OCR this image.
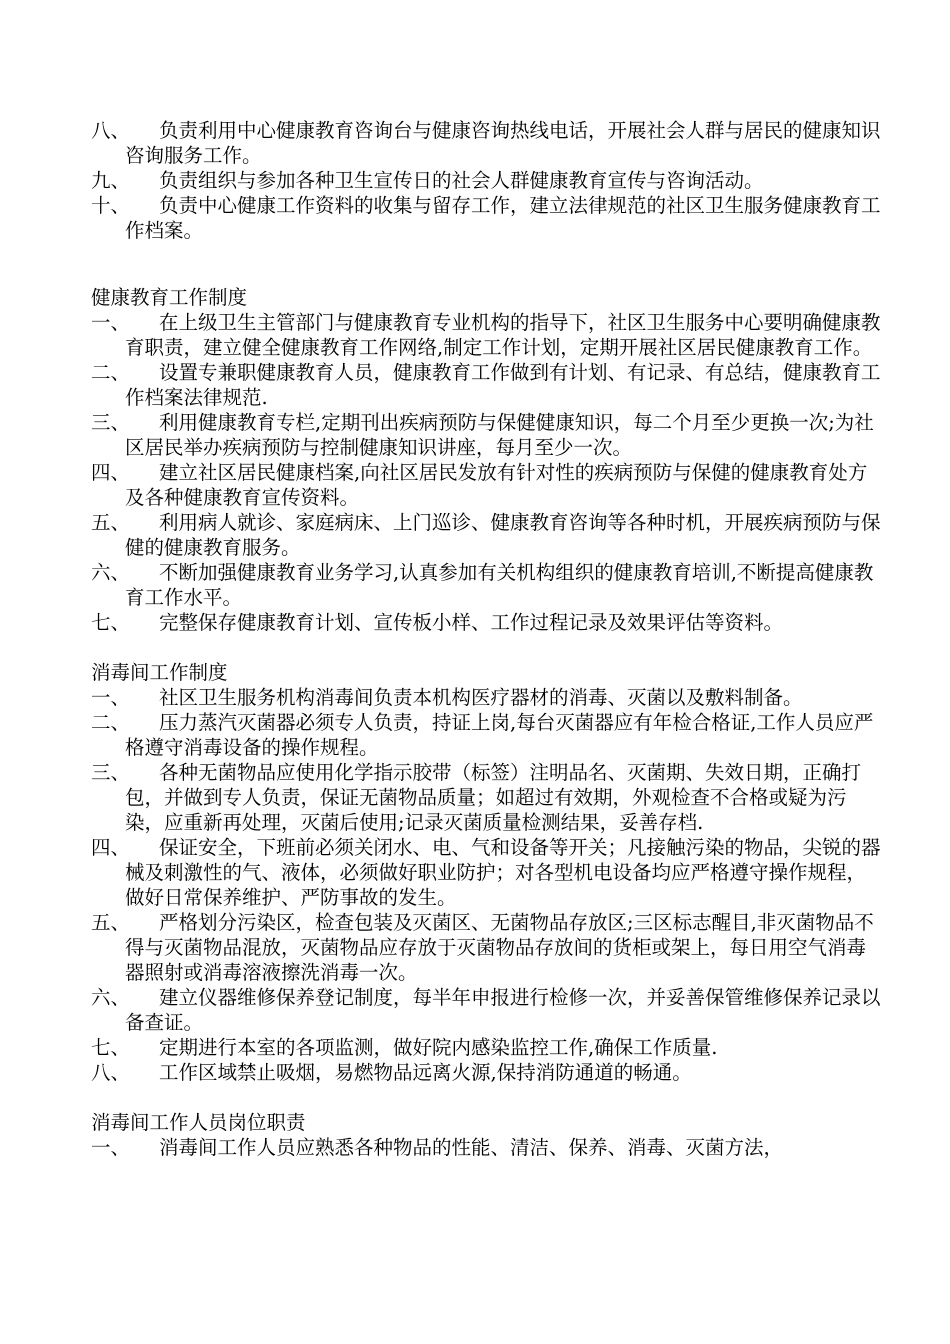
八、	负责利用中心健康教育咨询台与健康咨询热线电话，开展社会人群与居民的健康知识咨询服务工作。
九、	负责组织与参加各种卫生宣传日的社会人群健康教育宣传与咨询活动。
十、	负责中心健康工作资料的收集与留存工作，建立法律规范的社区卫生服务健康教育工作档案。
健康教育工作制度
一、	在上级卫生主管部门与健康教育专业机构的指导下，社区卫生服务中心要明确健康教育职责，建立健全健康教育工作网络,制定工作计划，定期开展社区居民健康教育工作。
二、	设置专兼职健康教育人员，健康教育工作做到有计划、有记录、有总结，健康教育工作档案法律规范.
三、	利用健康教育专栏,定期刊出疾病预防与保健健康知识，每二个月至少更换一次;为社区居民举办疾病预防与控制健康知识讲座，每月至少一次。
四、	建立社区居民健康档案,向社区居民发放有针对性的疾病预防与保健的健康教育处方及各种健康教育宣传资料。
五、	利用病人就诊、家庭病床、上门巡诊、健康教育咨询等各种时机，开展疾病预防与保健的健康教育服务。
六、	不断加强健康教育业务学习,认真参加有关机构组织的健康教育培训,不断提高健康教育工作水平。
七、	完整保存健康教育计划、宣传板小样、工作过程记录及效果评估等资料。
消毒间工作制度
一、	社区卫生服务机构消毒间负责本机构医疗器材的消毒、灭菌以及敷料制备。
二、	压力蒸汽灭菌器必须专人负责，持证上岗,每台灭菌器应有年检合格证,工作人员应严格遵守消毒设备的操作规程。
三、	各种无菌物品应使用化学指示胶带（标签）注明品名、灭菌期、失效日期，正确打包，并做到专人负责，保证无菌物品质量；如超过有效期，外观检查不合格或疑为污染，应重新再处理，灭菌后使用;记录灭菌质量检测结果，妥善存档.
四、	保证安全，下班前必须关闭水、电、气和设备等开关；凡接触污染的物品，尖锐的器械及刺激性的气、液体，必须做好职业防护；对各型机电设备均应严格遵守操作规程，做好日常保养维护、严防事故的发生。
五、	严格划分污染区，检查包装及灭菌区、无菌物品存放区;三区标志醒目,非灭菌物品不得与灭菌物品混放，灭菌物品应存放于灭菌物品存放间的货柜或架上，每日用空气消毒器照射或消毒溶液擦洗消毒一次。
六、	建立仪器维修保养登记制度，每半年申报进行检修一次，并妥善保管维修保养记录以备查证。
七、	定期进行本室的各项监测，做好院内感染监控工作,确保工作质量.
八、	工作区域禁止吸烟，易燃物品远离火源,保持消防通道的畅通。
消毒间工作人员岗位职责
一、	消毒间工作人员应熟悉各种物品的性能、清洁、保养、消毒、灭菌方法，
